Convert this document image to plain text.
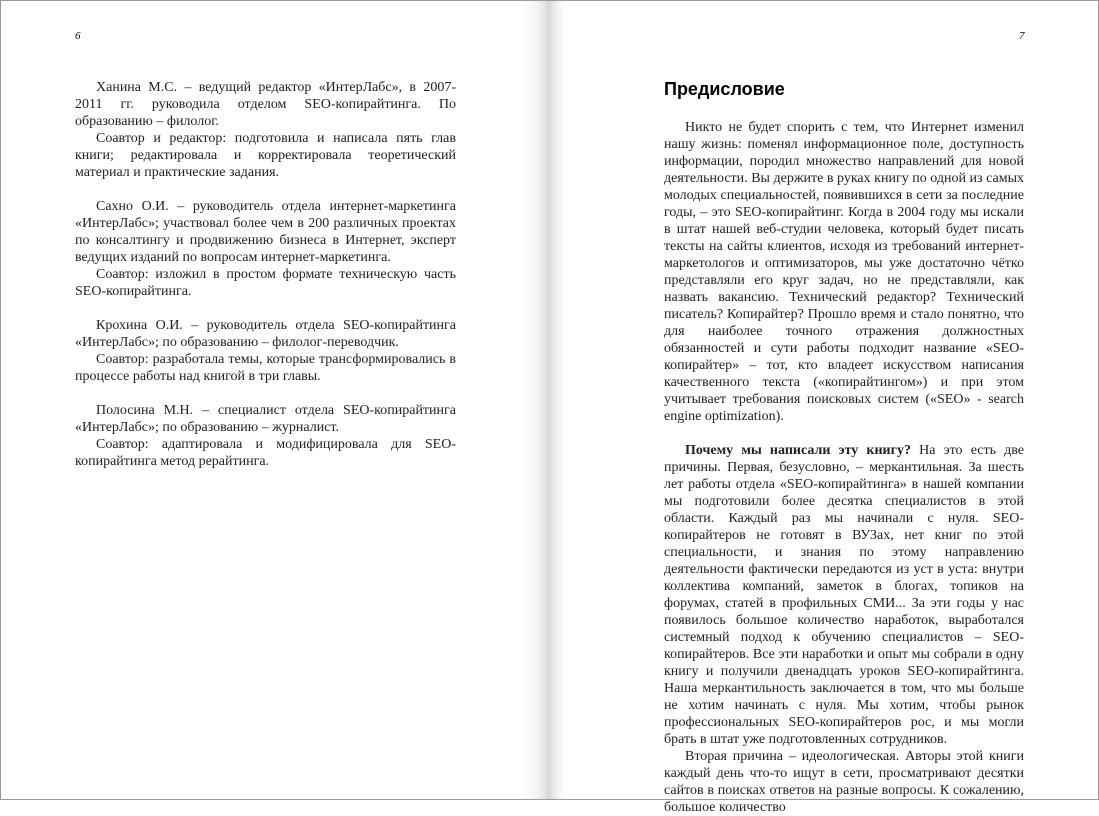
6

Ханина М.С. – ведущий редактор «ИнтерЛабс», в 2007-2011 гг. руководила отделом SEO-копирайтинга. По образованию – филолог.

Соавтор и редактор: подготовила и написала пять глав книги; редактировала и корректировала теоретический материал и практические задания.

Сахно О.И. – руководитель отдела интернет-маркетинга «ИнтерЛабс»; участвовал более чем в 200 различных проектах по консалтингу и продвижению бизнеса в Интернет, эксперт ведущих изданий по вопросам интернет-маркетинга.

Соавтор: изложил в простом формате техническую часть SEO-копирайтинга.

Крохина О.И. – руководитель отдела SEO-копирайтинга «ИнтерЛабс»; по образованию – филолог-переводчик.

Соавтор: разработала темы, которые трансформировались в процессе работы над книгой в три главы.

Полосина М.Н. – специалист отдела SEO-копирайтинга «ИнтерЛабс»; по образованию – журналист.

Соавтор: адаптировала и модифицировала для SEO-копирайтинга метод рерайтинга.

7
Предисловие

Никто не будет спорить с тем, что Интернет изменил нашу жизнь: поменял информационное поле, доступность информации, породил множество направлений для новой деятельности. Вы держите в руках книгу по одной из самых молодых специальностей, появившихся в сети за последние годы, – это SEO-копирайтинг. Когда в 2004 году мы искали в штат нашей веб-студии человека, который будет писать тексты на сайты клиентов, исходя из требований интернет-маркетологов и оптимизаторов, мы уже достаточно чётко представляли его круг задач, но не представляли, как назвать вакансию. Технический редактор? Технический писатель? Копирайтер? Прошло время и стало понятно, что для наиболее точного отражения должностных обязанностей и сути работы подходит название «SEO-копирайтер» – тот, кто владеет искусством написания качественного текста («копирайтингом») и при этом учитывает требования поисковых систем («SEO» - search engine optimization).

Почему мы написали эту книгу? На это есть две причины. Первая, безусловно, – меркантильная. За шесть лет работы отдела «SEO-копирайтинга» в нашей компании мы подготовили более десятка специалистов в этой области. Каждый раз мы начинали с нуля. SEO-копирайтеров не готовят в ВУЗах, нет книг по этой специальности, и знания по этому направлению деятельности фактически передаются из уст в уста: внутри коллектива компаний, заметок в блогах, топиков на форумах, статей в профильных СМИ... За эти годы у нас появилось большое количество наработок, выработался системный подход к обучению специалистов – SEO-копирайтеров. Все эти наработки и опыт мы собрали в одну книгу и получили двенадцать уроков SEO-копирайтинга. Наша меркантильность заключается в том, что мы больше не хотим начинать с нуля. Мы хотим, чтобы рынок профессиональных SEO-копирайтеров рос, и мы могли брать в штат уже подготовленных сотрудников.

Вторая причина – идеологическая. Авторы этой книги каждый день что-то ищут в сети, просматривают десятки сайтов в поисках ответов на разные вопросы. К сожалению, большое количество
